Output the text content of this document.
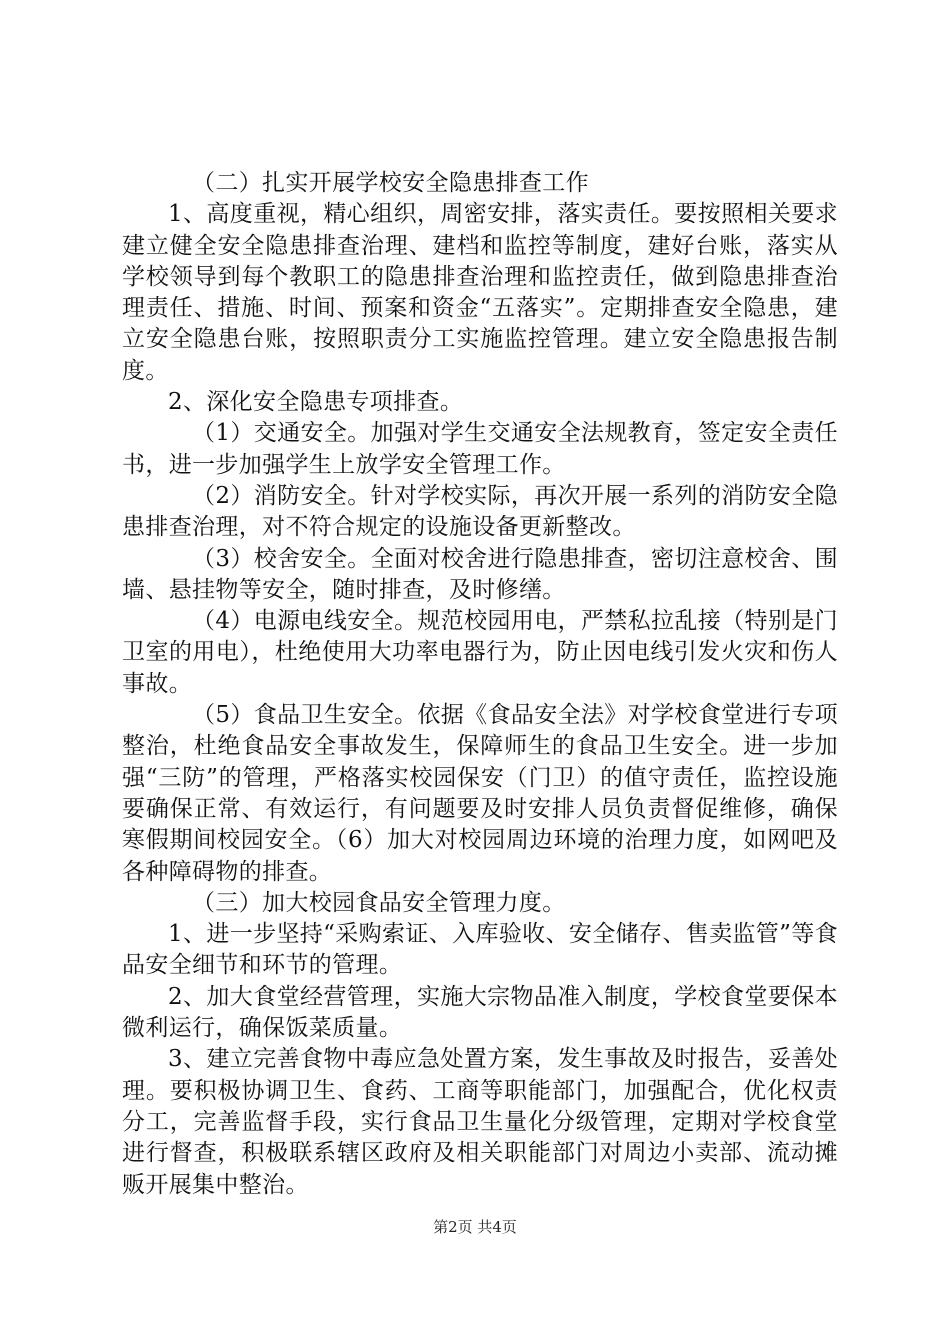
（二）扎实开展学校安全隐患排查工作

1、高度重视，精心组织，周密安排，落实责任。要按照相关要求建立健全安全隐患排查治理、建档和监控等制度，建好台账，落实从学校领导到每个教职工的隐患排查治理和监控责任，做到隐患排查治理责任、措施、时间、预案和资金“五落实”。定期排查安全隐患，建立安全隐患台账，按照职责分工实施监控管理。建立安全隐患报告制度。

2、深化安全隐患专项排查。

（1）交通安全。加强对学生交通安全法规教育，签定安全责任书，进一步加强学生上放学安全管理工作。

（2）消防安全。针对学校实际，再次开展一系列的消防安全隐患排查治理，对不符合规定的设施设备更新整改。

（3）校舍安全。全面对校舍进行隐患排查，密切注意校舍、围墙、悬挂物等安全，随时排查，及时修缮。

（4）电源电线安全。规范校园用电，严禁私拉乱接（特别是门卫室的用电），杜绝使用大功率电器行为，防止因电线引发火灾和伤人事故。

（5）食品卫生安全。依据《食品安全法》对学校食堂进行专项整治，杜绝食品安全事故发生，保障师生的食品卫生安全。进一步加强“三防”的管理，严格落实校园保安（门卫）的值守责任，监控设施要确保正常、有效运行，有问题要及时安排人员负责督促维修，确保寒假期间校园安全。（6）加大对校园周边环境的治理力度，如网吧及各种障碍物的排查。

（三）加大校园食品安全管理力度。

1、进一步坚持“采购索证、入库验收、安全储存、售卖监管”等食品安全细节和环节的管理。

2、加大食堂经营管理，实施大宗物品准入制度，学校食堂要保本微利运行，确保饭菜质量。

3、建立完善食物中毒应急处置方案，发生事故及时报告，妥善处理。要积极协调卫生、食药、工商等职能部门，加强配合，优化权责分工，完善监督手段，实行食品卫生量化分级管理，定期对学校食堂进行督查，积极联系辖区政府及相关职能部门对周边小卖部、流动摊贩开展集中整治。

第2页 共4页
